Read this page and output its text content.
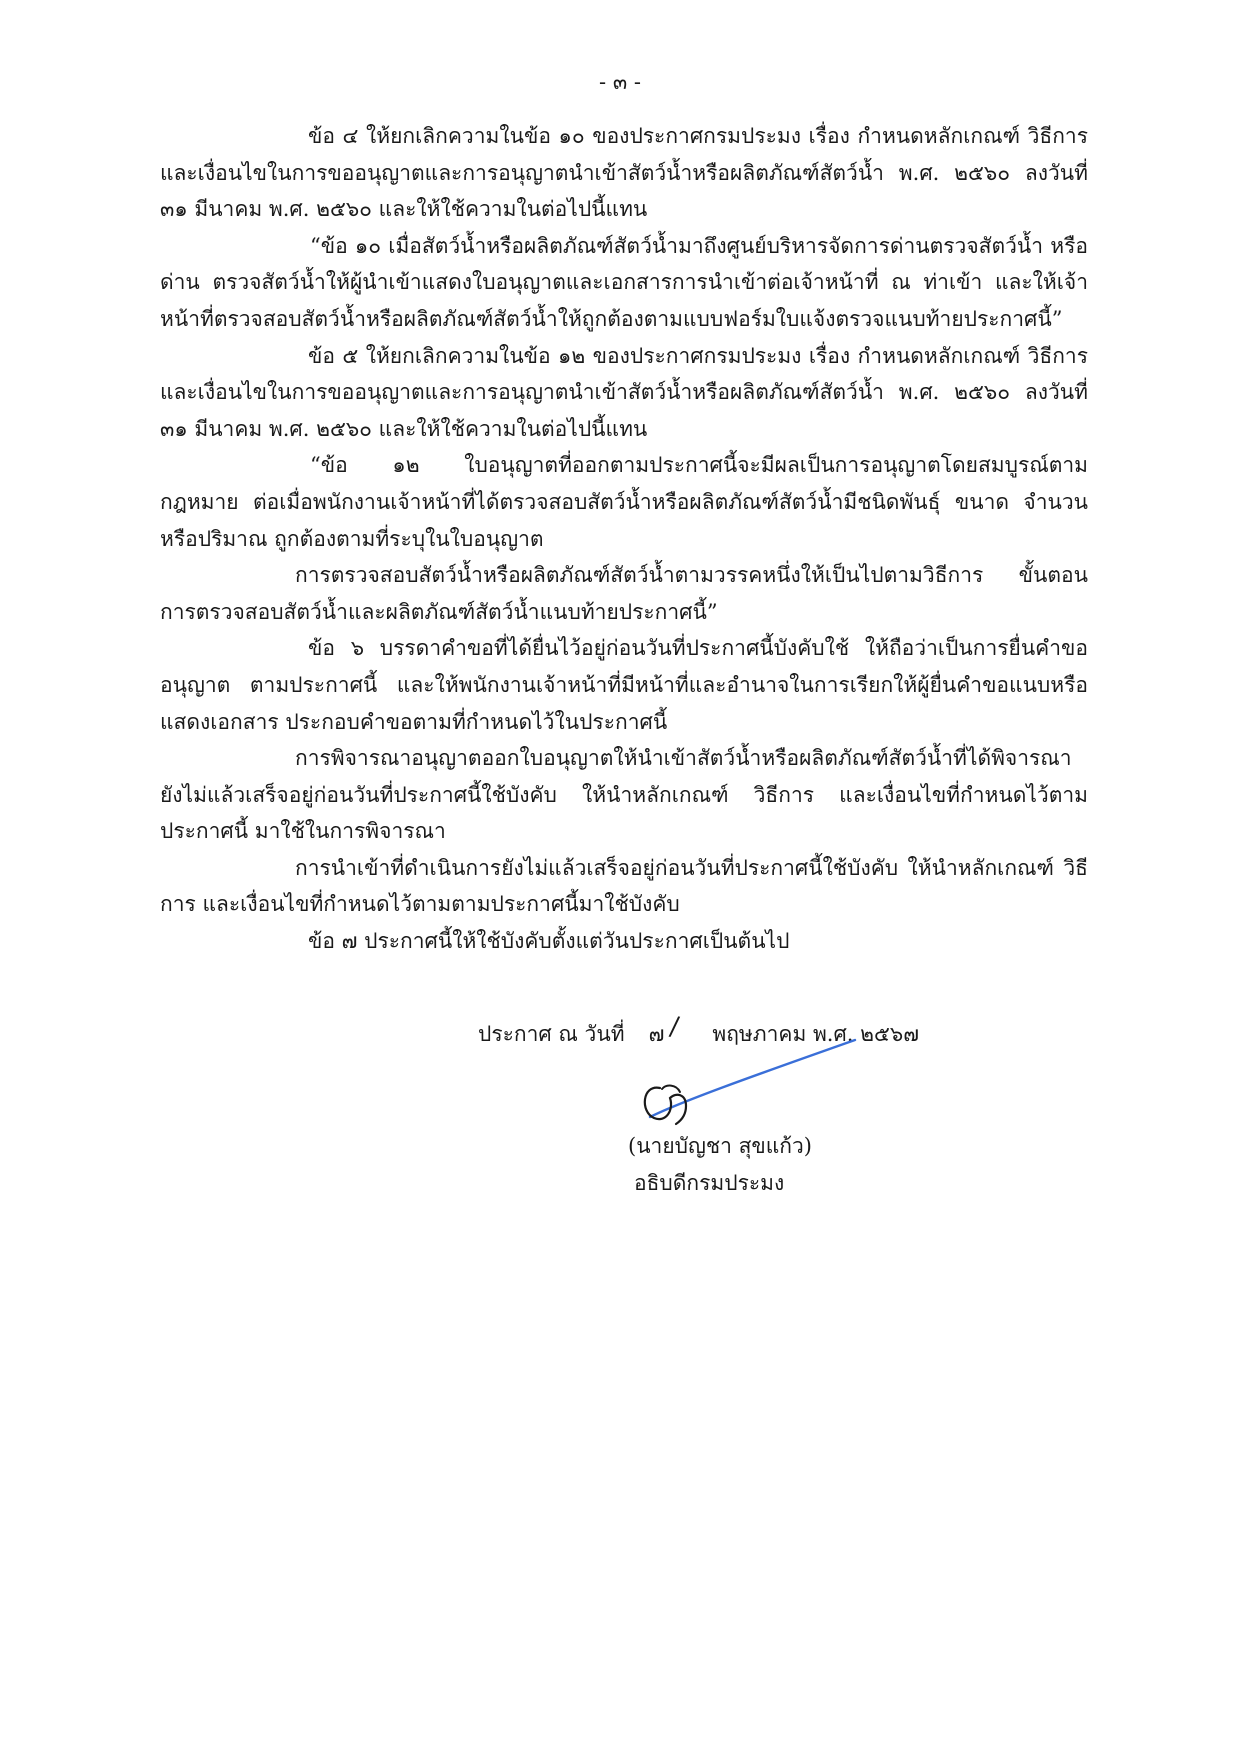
- ๓ -

ข้อ ๔ ให้ยกเลิกความในข้อ ๑๐ ของประกาศกรมประมง เรื่อง กำหนดหลักเกณฑ์ วิธีการ และเงื่อนไขในการขออนุญาตและการอนุญาตนำเข้าสัตว์น้ำหรือผลิตภัณฑ์สัตว์น้ำ พ.ศ. ๒๕๖๐ ลงวันที่ ๓๑ มีนาคม พ.ศ. ๒๕๖๐ และให้ใช้ความในต่อไปนี้แทน

“ข้อ ๑๐ เมื่อสัตว์น้ำหรือผลิตภัณฑ์สัตว์น้ำมาถึงศูนย์บริหารจัดการด่านตรวจสัตว์น้ำ หรือด่าน ตรวจสัตว์น้ำให้ผู้นำเข้าแสดงใบอนุญาตและเอกสารการนำเข้าต่อเจ้าหน้าที่ ณ ท่าเข้า และให้เจ้าหน้าที่ตรวจสอบสัตว์น้ำหรือผลิตภัณฑ์สัตว์น้ำให้ถูกต้องตามแบบฟอร์มใบแจ้งตรวจแนบท้ายประกาศนี้”

ข้อ ๕ ให้ยกเลิกความในข้อ ๑๒ ของประกาศกรมประมง เรื่อง กำหนดหลักเกณฑ์ วิธีการ และเงื่อนไขในการขออนุญาตและการอนุญาตนำเข้าสัตว์น้ำหรือผลิตภัณฑ์สัตว์น้ำ พ.ศ. ๒๕๖๐ ลงวันที่ ๓๑ มีนาคม พ.ศ. ๒๕๖๐ และให้ใช้ความในต่อไปนี้แทน

“ข้อ ๑๒ ใบอนุญาตที่ออกตามประกาศนี้จะมีผลเป็นการอนุญาตโดยสมบูรณ์ตามกฎหมาย ต่อเมื่อพนักงานเจ้าหน้าที่ได้ตรวจสอบสัตว์น้ำหรือผลิตภัณฑ์สัตว์น้ำมีชนิดพันธุ์ ขนาด จำนวน หรือปริมาณ ถูกต้องตามที่ระบุในใบอนุญาต

การตรวจสอบสัตว์น้ำหรือผลิตภัณฑ์สัตว์น้ำตามวรรคหนึ่งให้เป็นไปตามวิธีการ ขั้นตอน การตรวจสอบสัตว์น้ำและผลิตภัณฑ์สัตว์น้ำแนบท้ายประกาศนี้”

ข้อ ๖ บรรดาคำขอที่ได้ยื่นไว้อยู่ก่อนวันที่ประกาศนี้บังคับใช้ ให้ถือว่าเป็นการยื่นคำขออนุญาต ตามประกาศนี้ และให้พนักงานเจ้าหน้าที่มีหน้าที่และอำนาจในการเรียกให้ผู้ยื่นคำขอแนบหรือแสดงเอกสาร ประกอบคำขอตามที่กำหนดไว้ในประกาศนี้

การพิจารณาอนุญาตออกใบอนุญาตให้นำเข้าสัตว์น้ำหรือผลิตภัณฑ์สัตว์น้ำที่ได้พิจารณา ยังไม่แล้วเสร็จอยู่ก่อนวันที่ประกาศนี้ใช้บังคับ ให้นำหลักเกณฑ์ วิธีการ และเงื่อนไขที่กำหนดไว้ตามประกาศนี้ มาใช้ในการพิจารณา

การนำเข้าที่ดำเนินการยังไม่แล้วเสร็จอยู่ก่อนวันที่ประกาศนี้ใช้บังคับ ให้นำหลักเกณฑ์ วิธีการ และเงื่อนไขที่กำหนดไว้ตามตามประกาศนี้มาใช้บังคับ

ข้อ ๗ ประกาศนี้ให้ใช้บังคับตั้งแต่วันประกาศเป็นต้นไป

ประกาศ ณ วันที่ ๗ / พฤษภาคม พ.ศ. ๒๕๖๗
(นายบัญชา สุขแก้ว)
อธิบดีกรมประมง
